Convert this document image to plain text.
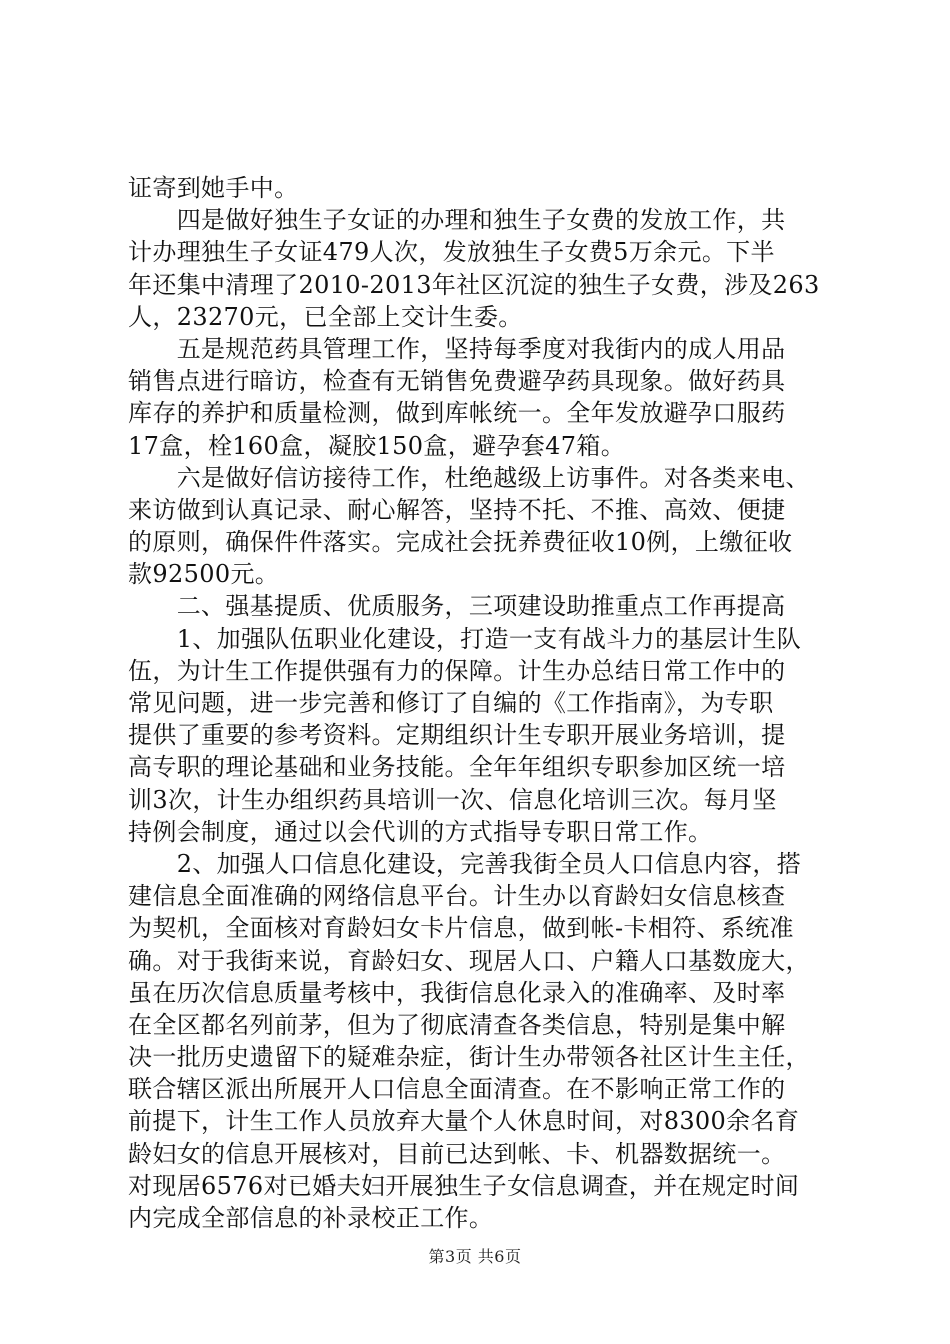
证寄到她手中。
　　四是做好独生子女证的办理和独生子女费的发放工作，共
计办理独生子女证479人次，发放独生子女费5万余元。下半
年还集中清理了2010-2013年社区沉淀的独生子女费，涉及263
人，23270元，已全部上交计生委。
　　五是规范药具管理工作，坚持每季度对我街内的成人用品
销售点进行暗访，检查有无销售免费避孕药具现象。做好药具
库存的养护和质量检测，做到库帐统一。全年发放避孕口服药
17盒，栓160盒，凝胶150盒，避孕套47箱。
　　六是做好信访接待工作，杜绝越级上访事件。对各类来电、
来访做到认真记录、耐心解答，坚持不托、不推、高效、便捷
的原则，确保件件落实。完成社会抚养费征收10例，上缴征收
款92500元。
　　二、强基提质、优质服务，三项建设助推重点工作再提高
　　1、加强队伍职业化建设，打造一支有战斗力的基层计生队
伍，为计生工作提供强有力的保障。计生办总结日常工作中的
常见问题，进一步完善和修订了自编的《工作指南》，为专职
提供了重要的参考资料。定期组织计生专职开展业务培训，提
高专职的理论基础和业务技能。全年年组织专职参加区统一培
训3次，计生办组织药具培训一次、信息化培训三次。每月坚
持例会制度，通过以会代训的方式指导专职日常工作。
　　2、加强人口信息化建设，完善我街全员人口信息内容，搭
建信息全面准确的网络信息平台。计生办以育龄妇女信息核查
为契机，全面核对育龄妇女卡片信息，做到帐-卡相符、系统准
确。对于我街来说，育龄妇女、现居人口、户籍人口基数庞大，
虽在历次信息质量考核中，我街信息化录入的准确率、及时率
在全区都名列前茅，但为了彻底清查各类信息，特别是集中解
决一批历史遗留下的疑难杂症，街计生办带领各社区计生主任，
联合辖区派出所展开人口信息全面清查。在不影响正常工作的
前提下，计生工作人员放弃大量个人休息时间，对8300余名育
龄妇女的信息开展核对，目前已达到帐、卡、机器数据统一。
对现居6576对已婚夫妇开展独生子女信息调查，并在规定时间
内完成全部信息的补录校正工作。
第3页 共6页
